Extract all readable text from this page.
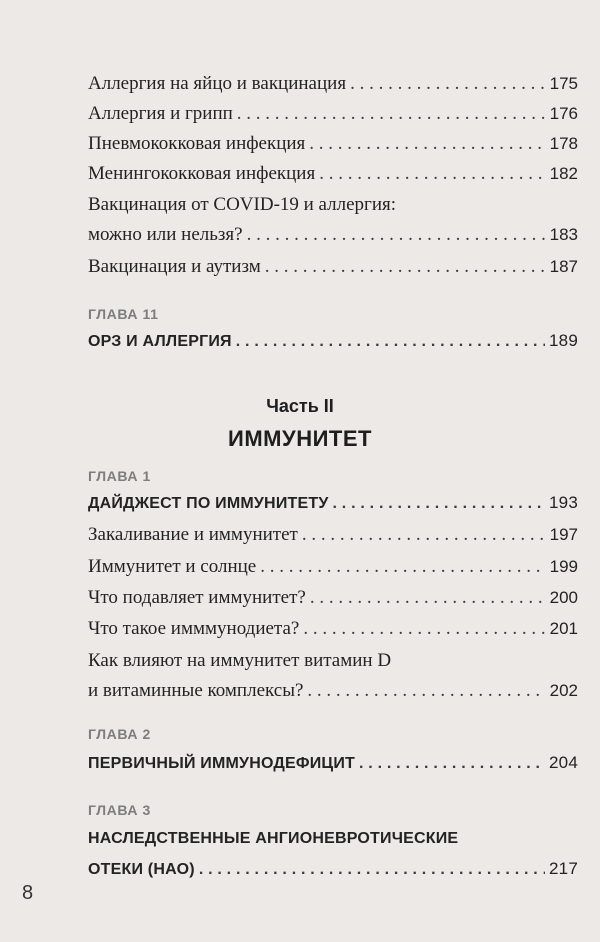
Аллергия на яйцо и вакцинация . . .	175
Аллергия и грипп . . .	176
Пневмококковая инфекция . . .	178
Менингококковая инфекция . . .	182
Вакцинация от COVID-19 и аллергия:
можно или нельзя? . . .	183
Вакцинация и аутизм . . .	187
ГЛАВА 11
ОРЗ И АЛЛЕРГИЯ . . .	189
Часть II
ИММУНИТЕТ
ГЛАВА 1
ДАЙДЖЕСТ ПО ИММУНИТЕТУ . . .	193
Закаливание и иммунитет . . .	197
Иммунитет и солнце . . .	199
Что подавляет иммунитет? . . .	200
Что такое имммунодиета? . . .	201
Как влияют на иммунитет витамин D
и витаминные комплексы? . . .	202
ГЛАВА 2
ПЕРВИЧНЫЙ ИММУНОДЕФИЦИТ . . .	204
ГЛАВА 3
НАСЛЕДСТВЕННЫЕ АНГИОНЕВРОТИЧЕСКИЕ
ОТЕКИ (НАО) . . .	217
8
